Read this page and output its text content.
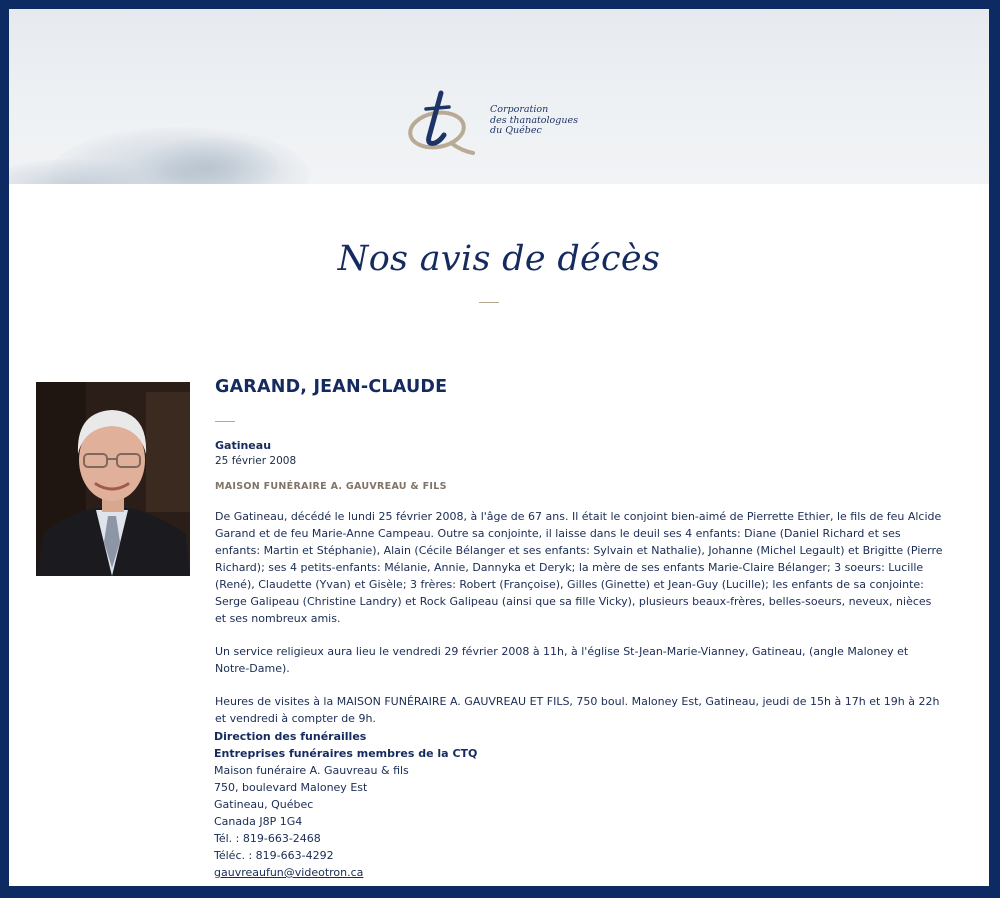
Corporation
des thanatologues
du Québec
Nos avis de décès
GARAND, JEAN-CLAUDE
Gatineau
25 février 2008
MAISON FUNÉRAIRE A. GAUVREAU & FILS
De Gatineau, décédé le lundi 25 février 2008, à l'âge de 67 ans. Il était le conjoint bien-aimé de Pierrette Ethier, le fils de feu Alcide Garand et de feu Marie-Anne Campeau. Outre sa conjointe, il laisse dans le deuil ses 4 enfants: Diane (Daniel Richard et ses enfants: Martin et Stéphanie), Alain (Cécile Bélanger et ses enfants: Sylvain et Nathalie), Johanne (Michel Legault) et Brigitte (Pierre Richard); ses 4 petits-enfants: Mélanie, Annie, Dannyka et Deryk; la mère de ses enfants Marie-Claire Bélanger; 3 soeurs: Lucille (René), Claudette (Yvan) et Gisèle; 3 frères: Robert (Françoise), Gilles (Ginette) et Jean-Guy (Lucille); les enfants de sa conjointe: Serge Galipeau (Christine Landry) et Rock Galipeau (ainsi que sa fille Vicky), plusieurs beaux-frères, belles-soeurs, neveux, nièces et ses nombreux amis.
Un service religieux aura lieu le vendredi 29 février 2008 à 11h, à l'église St-Jean-Marie-Vianney, Gatineau, (angle Maloney et Notre-Dame).
Heures de visites à la MAISON FUNÉRAIRE A. GAUVREAU ET FILS, 750 boul. Maloney Est, Gatineau, jeudi de 15h à 17h et 19h à 22h et vendredi à compter de 9h.
Direction des funérailles
Entreprises funéraires membres de la CTQ
Maison funéraire A. Gauvreau & fils
750, boulevard Maloney Est
Gatineau, Québec
Canada J8P 1G4
Tél. : 819-663-2468
Téléc. : 819-663-4292
gauvreaufun@videotron.ca
